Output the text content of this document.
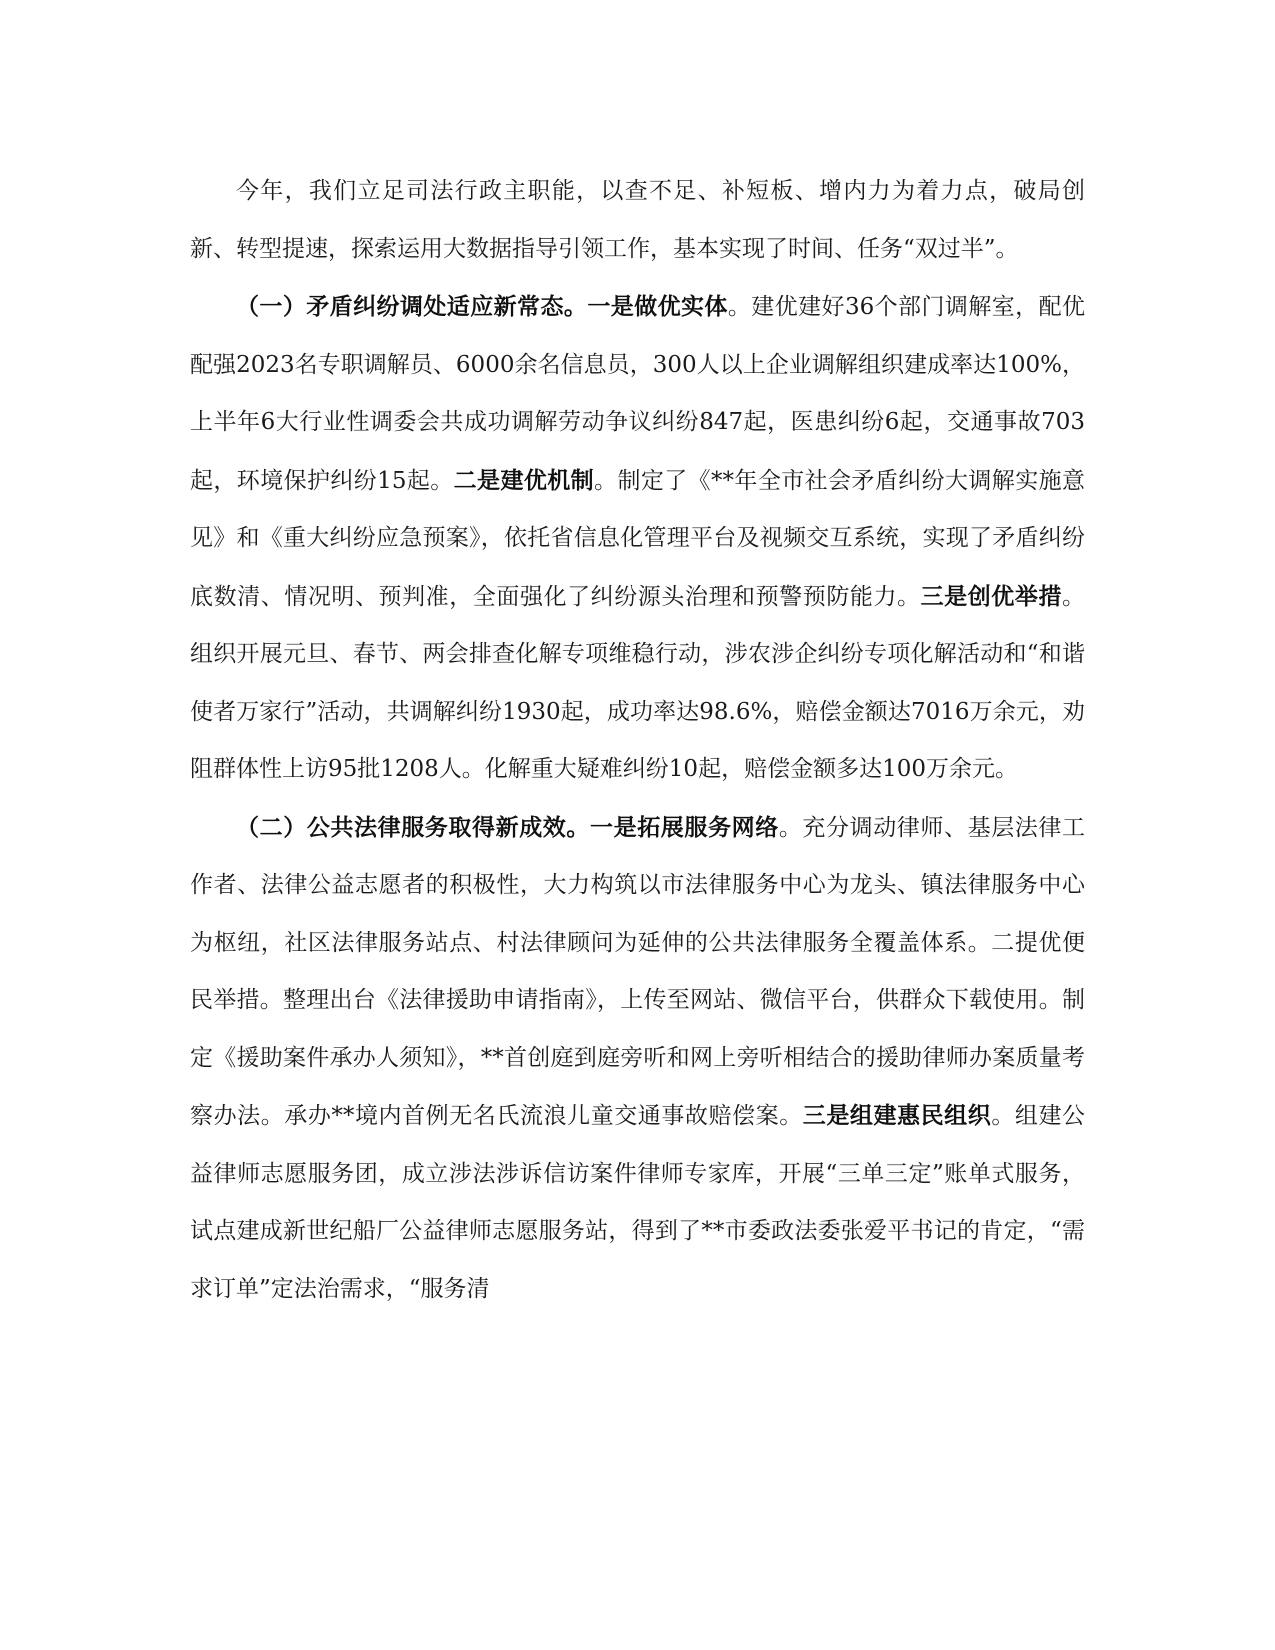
今年，我们立足司法行政主职能，以查不足、补短板、增内力为着力点，破局创新、转型提速，探索运用大数据指导引领工作，基本实现了时间、任务“双过半”。

（一）矛盾纠纷调处适应新常态。一是做优实体。建优建好36个部门调解室，配优配强2023名专职调解员、6000余名信息员，300人以上企业调解组织建成率达100%，上半年6大行业性调委会共成功调解劳动争议纠纷847起，医患纠纷6起，交通事故703起，环境保护纠纷15起。二是建优机制。制定了《**年全市社会矛盾纠纷大调解实施意见》和《重大纠纷应急预案》，依托省信息化管理平台及视频交互系统，实现了矛盾纠纷底数清、情况明、预判准，全面强化了纠纷源头治理和预警预防能力。三是创优举措。组织开展元旦、春节、两会排查化解专项维稳行动，涉农涉企纠纷专项化解活动和“和谐使者万家行”活动，共调解纠纷1930起，成功率达98.6%，赔偿金额达7016万余元，劝阻群体性上访95批1208人。化解重大疑难纠纷10起，赔偿金额多达100万余元。

（二）公共法律服务取得新成效。一是拓展服务网络。充分调动律师、基层法律工作者、法律公益志愿者的积极性，大力构筑以市法律服务中心为龙头、镇法律服务中心为枢纽，社区法律服务站点、村法律顾问为延伸的公共法律服务全覆盖体系。二提优便民举措。整理出台《法律援助申请指南》，上传至网站、微信平台，供群众下载使用。制定《援助案件承办人须知》，**首创庭到庭旁听和网上旁听相结合的援助律师办案质量考察办法。承办**境内首例无名氏流浪儿童交通事故赔偿案。三是组建惠民组织。组建公益律师志愿服务团，成立涉法涉诉信访案件律师专家库，开展“三单三定”账单式服务，试点建成新世纪船厂公益律师志愿服务站，得到了**市委政法委张爱平书记的肯定，“需求订单”定法治需求，“服务清
